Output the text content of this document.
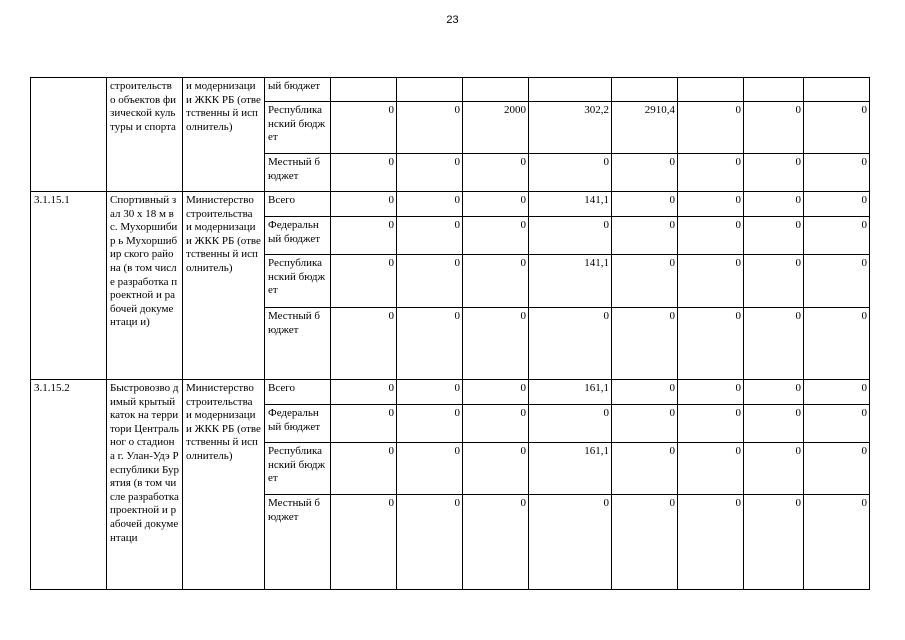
23
	строительств о объектов физической культуры и спорта	и модернизации ЖКК РБ (ответственны й исполнитель)	ый бюджет								
			Республика нский бюджет	0	0	2000	302,2	2910,4	0	0	0
			Местный бюджет	0	0	0	0	0	0	0	0
3.1.15.1	Спортивный зал 30 х 18 м в с. Мухоршибир ь Мухоршибир ского района (в том числе разработка проектной и рабочей документаци и)	Министерство строительства и модернизации ЖКК РБ (ответственны й исполнитель)	Всего	0	0	0	141,1	0	0	0	0
			Федеральн ый бюджет	0	0	0	0	0	0	0	0
			Республика нский бюджет	0	0	0	141,1	0	0	0	0
			Местный бюджет	0	0	0	0	0	0	0	0
3.1.15.2	Быстровозво димый крытый каток на территори Центральног о стадиона г. Улан-Удэ Республики Бурятия (в том числе разработка проектной и рабочей документаци	Министерство строительства и модернизации ЖКК РБ (ответственны й исполнитель)	Всего	0	0	0	161,1	0	0	0	0
			Федеральн ый бюджет	0	0	0	0	0	0	0	0
			Республика нский бюджет	0	0	0	161,1	0	0	0	0
			Местный бюджет	0	0	0	0	0	0	0	0
